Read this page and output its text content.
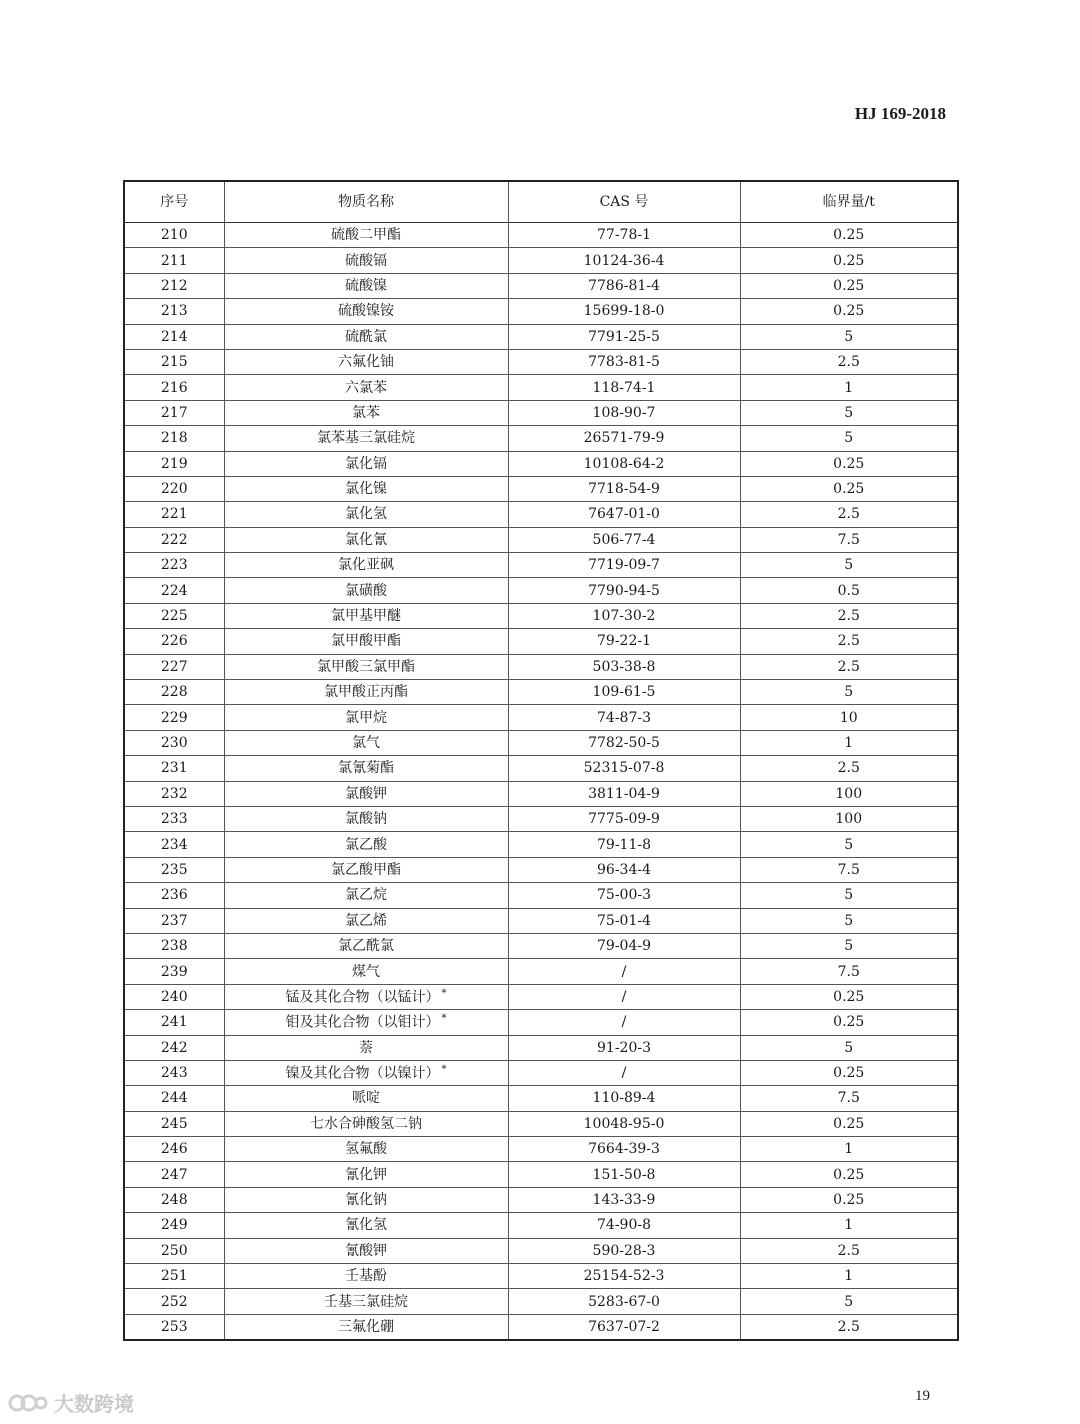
HJ 169-2018
序号	物质名称	CAS 号	临界量/t
210	硫酸二甲酯	77-78-1	0.25
211	硫酸镉	10124-36-4	0.25
212	硫酸镍	7786-81-4	0.25
213	硫酸镍铵	15699-18-0	0.25
214	硫酰氯	7791-25-5	5
215	六氟化铀	7783-81-5	2.5
216	六氯苯	118-74-1	1
217	氯苯	108-90-7	5
218	氯苯基三氯硅烷	26571-79-9	5
219	氯化镉	10108-64-2	0.25
220	氯化镍	7718-54-9	0.25
221	氯化氢	7647-01-0	2.5
222	氯化氰	506-77-4	7.5
223	氯化亚砜	7719-09-7	5
224	氯磺酸	7790-94-5	0.5
225	氯甲基甲醚	107-30-2	2.5
226	氯甲酸甲酯	79-22-1	2.5
227	氯甲酸三氯甲酯	503-38-8	2.5
228	氯甲酸正丙酯	109-61-5	5
229	氯甲烷	74-87-3	10
230	氯气	7782-50-5	1
231	氯氰菊酯	52315-07-8	2.5
232	氯酸钾	3811-04-9	100
233	氯酸钠	7775-09-9	100
234	氯乙酸	79-11-8	5
235	氯乙酸甲酯	96-34-4	7.5
236	氯乙烷	75-00-3	5
237	氯乙烯	75-01-4	5
238	氯乙酰氯	79-04-9	5
239	煤气	/	7.5
240	锰及其化合物（以锰计） *	/	0.25
241	钼及其化合物（以钼计） *	/	0.25
242	萘	91-20-3	5
243	镍及其化合物（以镍计） *	/	0.25
244	哌啶	110-89-4	7.5
245	七水合砷酸氢二钠	10048-95-0	0.25
246	氢氟酸	7664-39-3	1
247	氰化钾	151-50-8	0.25
248	氰化钠	143-33-9	0.25
249	氰化氢	74-90-8	1
250	氰酸钾	590-28-3	2.5
251	壬基酚	25154-52-3	1
252	壬基三氯硅烷	5283-67-0	5
253	三氟化硼	7637-07-2	2.5
19
大数跨境
